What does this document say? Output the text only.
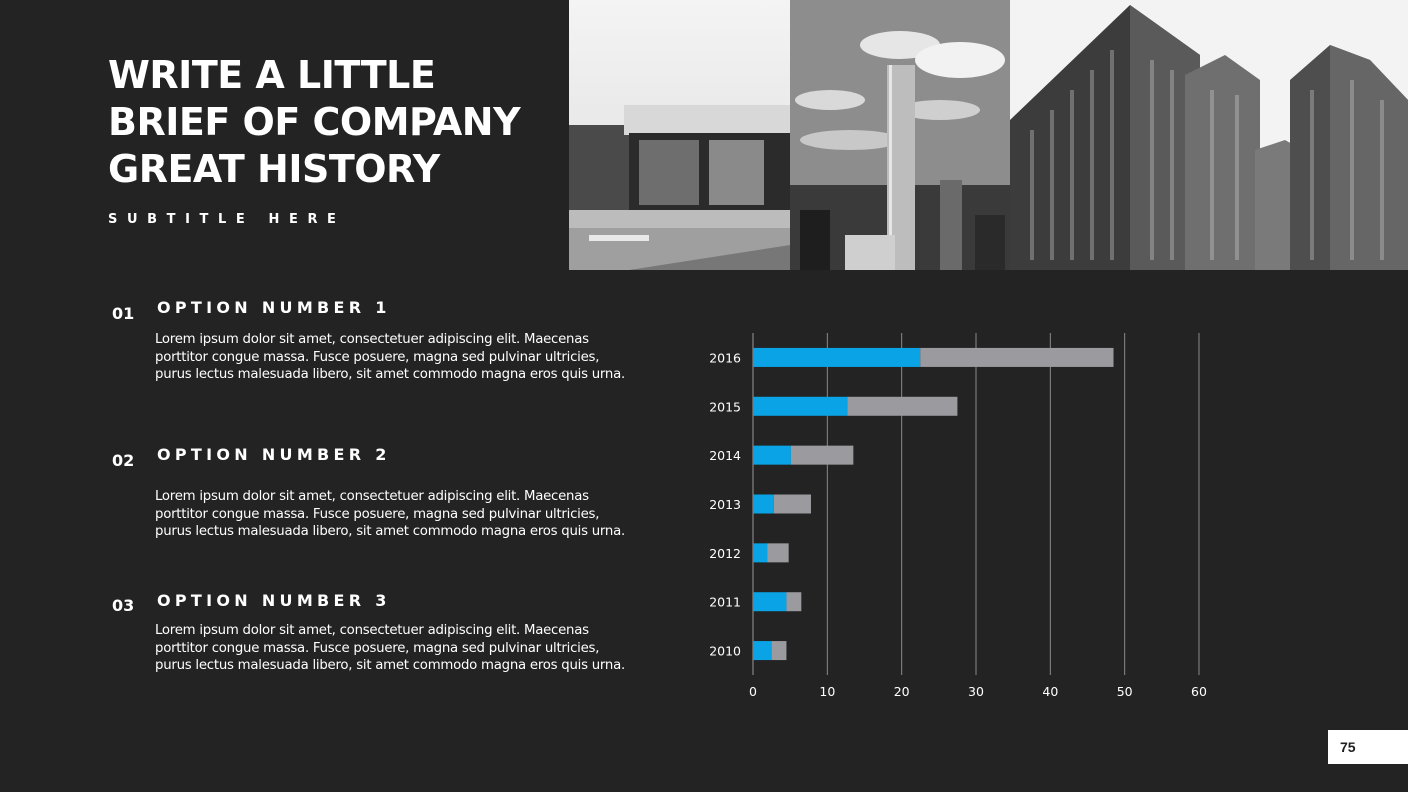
WRITE A LITTLE
BRIEF OF COMPANY
GREAT HISTORY
SUBTITLE HERE
01 OPTION NUMBER 1

Lorem ipsum dolor sit amet, consectetuer adipiscing elit. Maecenas porttitor congue massa. Fusce posuere, magna sed pulvinar ultricies, purus lectus malesuada libero, sit amet commodo magna eros quis urna.

02 OPTION NUMBER 2

Lorem ipsum dolor sit amet, consectetuer adipiscing elit. Maecenas porttitor congue massa. Fusce posuere, magna sed pulvinar ultricies, purus lectus malesuada libero, sit amet commodo magna eros quis urna.

03 OPTION NUMBER 3

Lorem ipsum dolor sit amet, consectetuer adipiscing elit. Maecenas porttitor congue massa. Fusce posuere, magna sed pulvinar ultricies, purus lectus malesuada libero, sit amet commodo magna eros quis urna.

0	10	20	30	40	50	60
2016
2015
2014
2013
2012
2011
2010
75
